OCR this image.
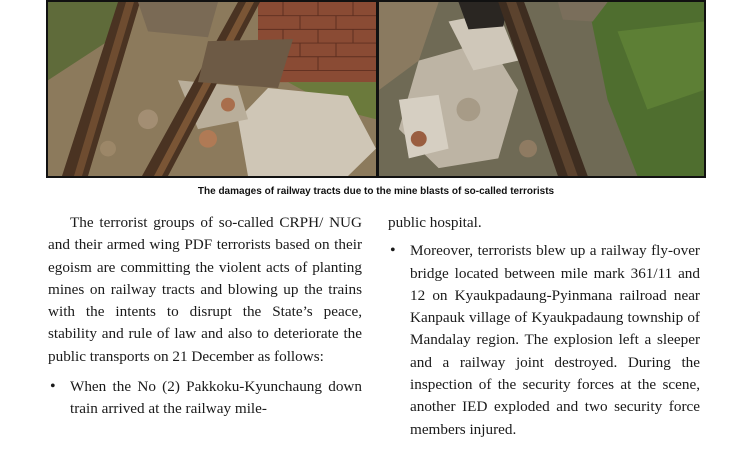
The damages of railway tracts due to the mine blasts of so-called terrorists

The terrorist groups of so-called CRPH/ NUG and their armed wing PDF terrorists based on their egoism are committing the violent acts of planting mines on railway tracts and blowing up the trains with the intents to disrupt the State’s peace, stability and rule of law and also to deteriorate the public transports on 21 December as follows:

• When the No (2) Pakkoku-Kyunchaung down train arrived at the railway mile-

public hospital.

• Moreover, terrorists blew up a railway fly-over bridge located between mile mark 361/11 and 12 on Kyaukpadaung-Pyinmana railroad near Kanpauk village of Kyaukpadaung township of Mandalay region. The explosion left a sleeper and a railway joint destroyed. During the inspection of the security forces at the scene, another IED exploded and two security force members injured.
